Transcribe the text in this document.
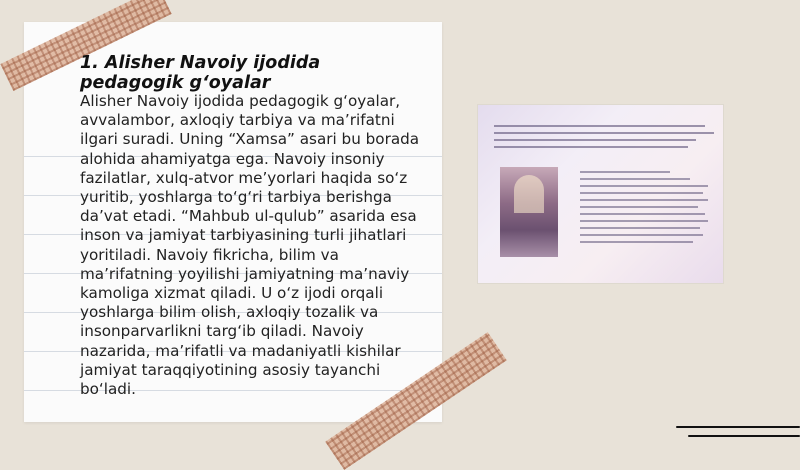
1. Alisher Navoiy ijodida pedagogik g‘oyalar

Alisher Navoiy ijodida pedagogik g‘oyalar, avvalambor, axloqiy tarbiya va ma’rifatni ilgari suradi. Uning “Xamsa” asari bu borada alohida ahamiyatga ega. Navoiy insoniy fazilatlar, xulq-atvor me’yorlari haqida so‘z yuritib, yoshlarga to‘g‘ri tarbiya berishga da’vat etadi. “Mahbub ul-qulub” asarida esa inson va jamiyat tarbiyasining turli jihatlari yoritiladi. Navoiy fikricha, bilim va ma’rifatning yoyilishi jamiyatning ma’naviy kamoliga xizmat qiladi. U o‘z ijodi orqali yoshlarga bilim olish, axloqiy tozalik va insonparvarlikni targ‘ib qiladi. Navoiy nazarida, ma’rifatli va madaniyatli kishilar jamiyat taraqqiyotining asosiy tayanchi bo‘ladi.
